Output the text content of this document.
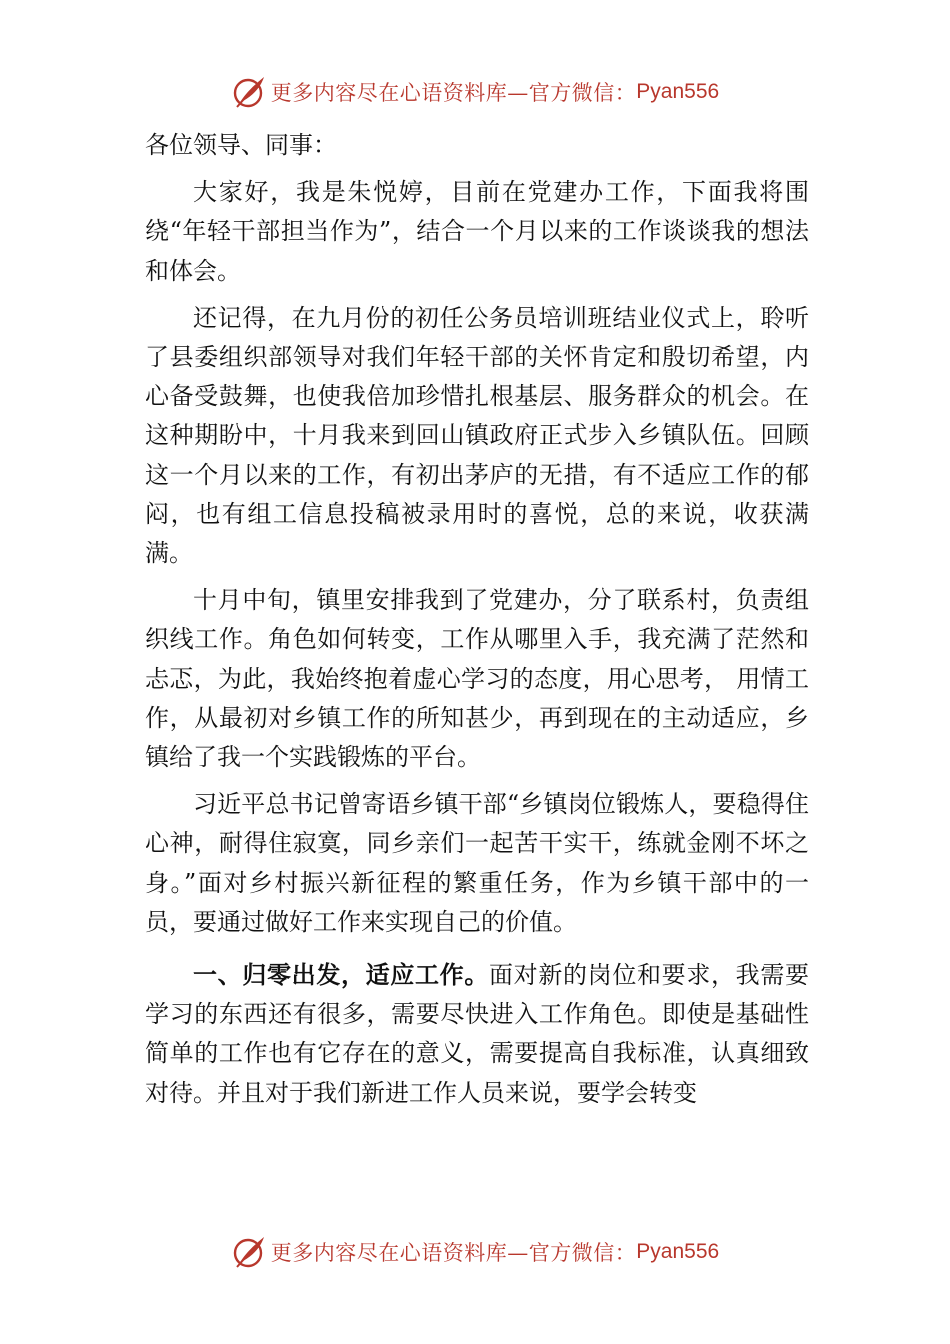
更多内容尽在心语资料库—官方微信： Pyan556

各位领导、同事：

大家好，我是朱悦婷，目前在党建办工作，下面我将围绕“年轻干部担当作为”，结合一个月以来的工作谈谈我的想法和体会。

还记得，在九月份的初任公务员培训班结业仪式上，聆听了县委组织部领导对我们年轻干部的关怀肯定和殷切希望，内心备受鼓舞，也使我倍加珍惜扎根基层、服务群众的机会。在这种期盼中，十月我来到回山镇政府正式步入乡镇队伍。回顾这一个月以来的工作，有初出茅庐的无措，有不适应工作的郁闷，也有组工信息投稿被录用时的喜悦，总的来说，收获满满。

十月中旬，镇里安排我到了党建办，分了联系村，负责组织线工作。角色如何转变，工作从哪里入手，我充满了茫然和忐忑，为此，我始终抱着虚心学习的态度，用心思考， 用情工作，从最初对乡镇工作的所知甚少，再到现在的主动适应，乡镇给了我一个实践锻炼的平台。

习近平总书记曾寄语乡镇干部“乡镇岗位锻炼人，要稳得住心神，耐得住寂寞，同乡亲们一起苦干实干，练就金刚不坏之身。”面对乡村振兴新征程的繁重任务，作为乡镇干部中的一员，要通过做好工作来实现自己的价值。

一、归零出发，适应工作。面对新的岗位和要求，我需要学习的东西还有很多，需要尽快进入工作角色。即使是基础性简单的工作也有它存在的意义，需要提高自我标准，认真细致对待。并且对于我们新进工作人员来说，要学会转变

更多内容尽在心语资料库—官方微信： Pyan556
